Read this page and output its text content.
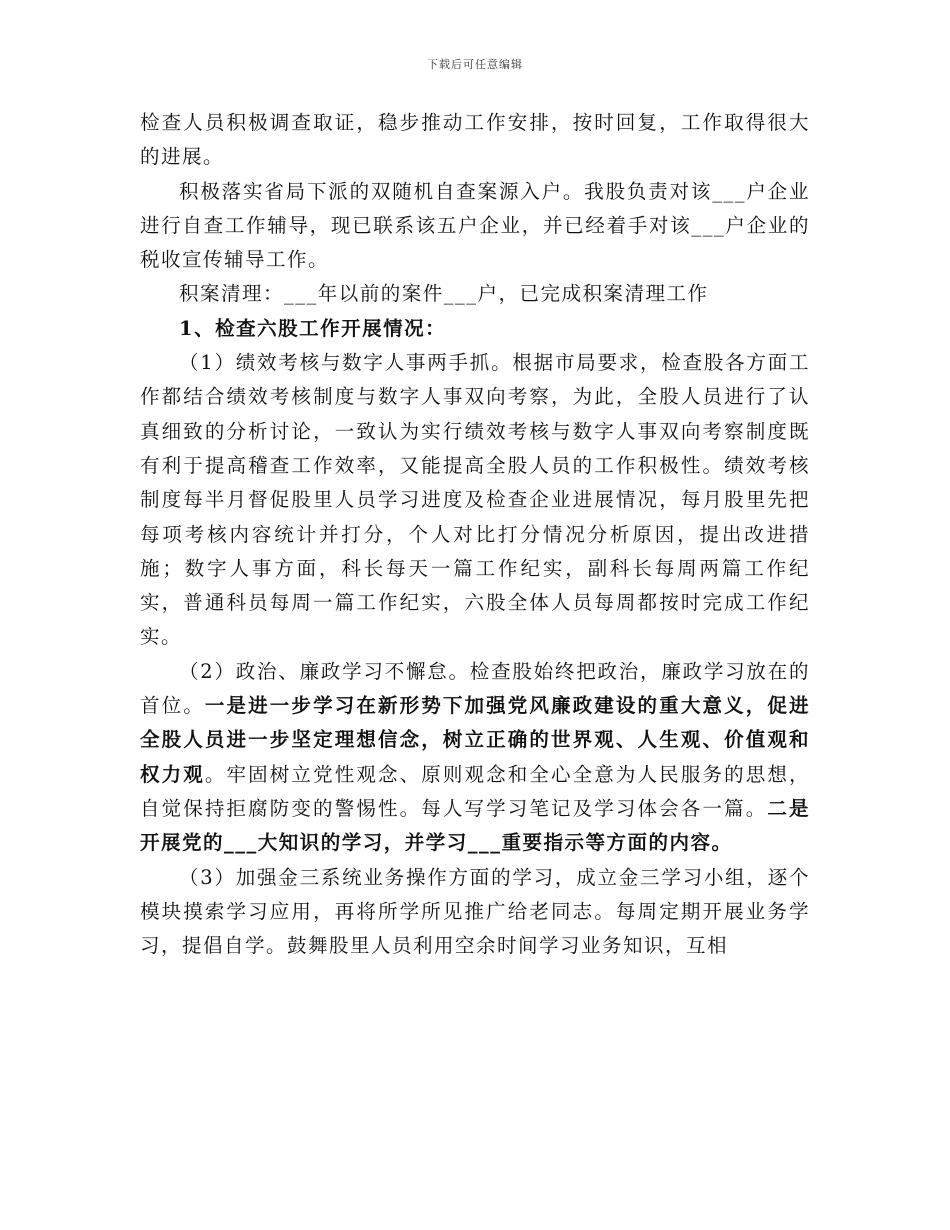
下载后可任意编辑

检查人员积极调查取证，稳步推动工作安排，按时回复，工作取得很大的进展。

积极落实省局下派的双随机自查案源入户。我股负责对该___户企业进行自查工作辅导，现已联系该五户企业，并已经着手对该___户企业的税收宣传辅导工作。

积案清理：___年以前的案件___户，已完成积案清理工作

1、检查六股工作开展情况：

（1）绩效考核与数字人事两手抓。根据市局要求，检查股各方面工作都结合绩效考核制度与数字人事双向考察，为此，全股人员进行了认真细致的分析讨论，一致认为实行绩效考核与数字人事双向考察制度既有利于提高稽查工作效率，又能提高全股人员的工作积极性。绩效考核制度每半月督促股里人员学习进度及检查企业进展情况，每月股里先把每项考核内容统计并打分，个人对比打分情况分析原因，提出改进措施；数字人事方面，科长每天一篇工作纪实，副科长每周两篇工作纪实，普通科员每周一篇工作纪实，六股全体人员每周都按时完成工作纪实。

（2）政治、廉政学习不懈怠。检查股始终把政治，廉政学习放在的首位。一是进一步学习在新形势下加强党风廉政建设的重大意义，促进全股人员进一步坚定理想信念，树立正确的世界观、人生观、价值观和权力观。牢固树立党性观念、原则观念和全心全意为人民服务的思想，自觉保持拒腐防变的警惕性。每人写学习笔记及学习体会各一篇。二是开展党的___大知识的学习，并学习___重要指示等方面的内容。

（3）加强金三系统业务操作方面的学习，成立金三学习小组，逐个模块摸索学习应用，再将所学所见推广给老同志。每周定期开展业务学习，提倡自学。鼓舞股里人员利用空余时间学习业务知识，互相
